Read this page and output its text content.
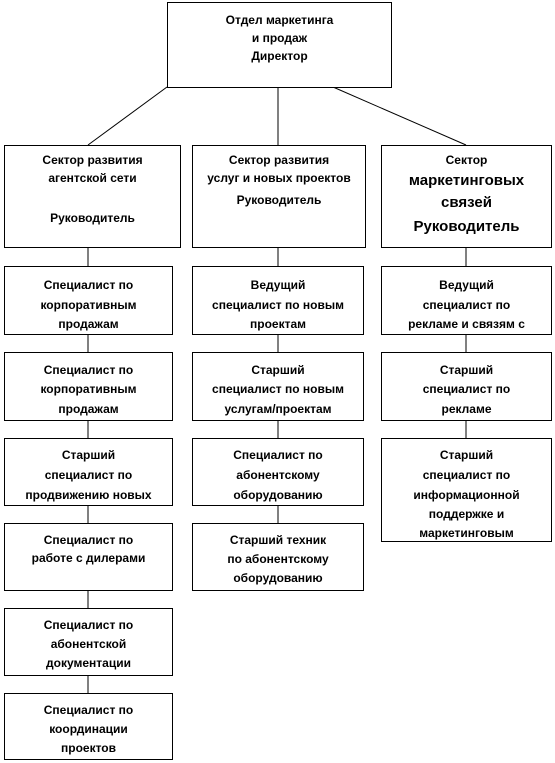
Отдел маркетинга
и продаж
Директор
Сектор развития
агентской сети
Руководитель
Сектор развития
услуг и новых проектов
Руководитель
Сектор
маркетинговых
связей
Руководитель
Специалист по
корпоративным
продажам
Специалист по
корпоративным
продажам
Старший
специалист по
продвижению новых
Специалист по
работе с дилерами
Специалист по
абонентской
документации
Специалист по
координации
проектов
Ведущий
специалист по новым
проектам
Старший
специалист по новым
услугам/проектам
Специалист по
абонентскому
оборудованию
Старший техник
по абонентскому
оборудованию
Ведущий
специалист по
рекламе и связям с
Старший
специалист по
рекламе
Старший
специалист по
информационной
поддержке и
маркетинговым
